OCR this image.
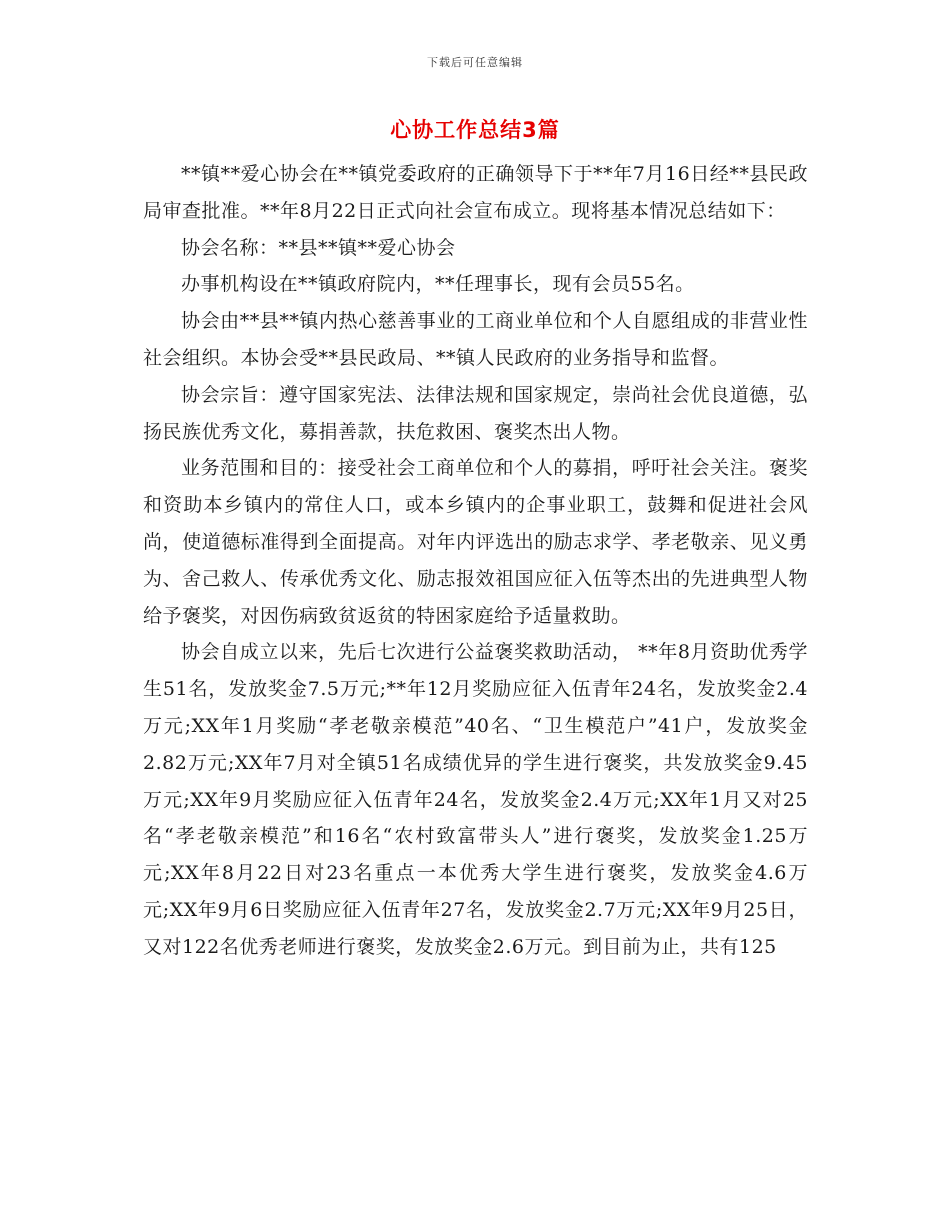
下载后可任意编辑
心协工作总结3篇

**镇**爱心协会在**镇党委政府的正确领导下于**年7月16日经**县民政局审查批准。**年8月22日正式向社会宣布成立。现将基本情况总结如下：

协会名称：**县**镇**爱心协会

办事机构设在**镇政府院内，**任理事长，现有会员55名。

协会由**县**镇内热心慈善事业的工商业单位和个人自愿组成的非营业性社会组织。本协会受**县民政局、**镇人民政府的业务指导和监督。

协会宗旨：遵守国家宪法、法律法规和国家规定，崇尚社会优良道德，弘扬民族优秀文化，募捐善款，扶危救困、褒奖杰出人物。

业务范围和目的：接受社会工商单位和个人的募捐，呼吁社会关注。褒奖和资助本乡镇内的常住人口，或本乡镇内的企事业职工，鼓舞和促进社会风尚，使道德标准得到全面提高。对年内评选出的励志求学、孝老敬亲、见义勇为、舍己救人、传承优秀文化、励志报效祖国应征入伍等杰出的先进典型人物给予褒奖，对因伤病致贫返贫的特困家庭给予适量救助。

协会自成立以来，先后七次进行公益褒奖救助活动， **年8月资助优秀学生51名，发放奖金7.5万元;**年12月奖励应征入伍青年24名，发放奖金2.4万元;XX年1月奖励“孝老敬亲模范”40名、“卫生模范户”41户，发放奖金2.82万元;XX年7月对全镇51名成绩优异的学生进行褒奖，共发放奖金9.45万元;XX年9月奖励应征入伍青年24名，发放奖金2.4万元;XX年1月又对25名“孝老敬亲模范”和16名“农村致富带头人”进行褒奖，发放奖金1.25万元;XX年8月22日对23名重点一本优秀大学生进行褒奖，发放奖金4.6万元;XX年9月6日奖励应征入伍青年27名，发放奖金2.7万元;XX年9月25日，又对122名优秀老师进行褒奖，发放奖金2.6万元。到目前为止，共有125
